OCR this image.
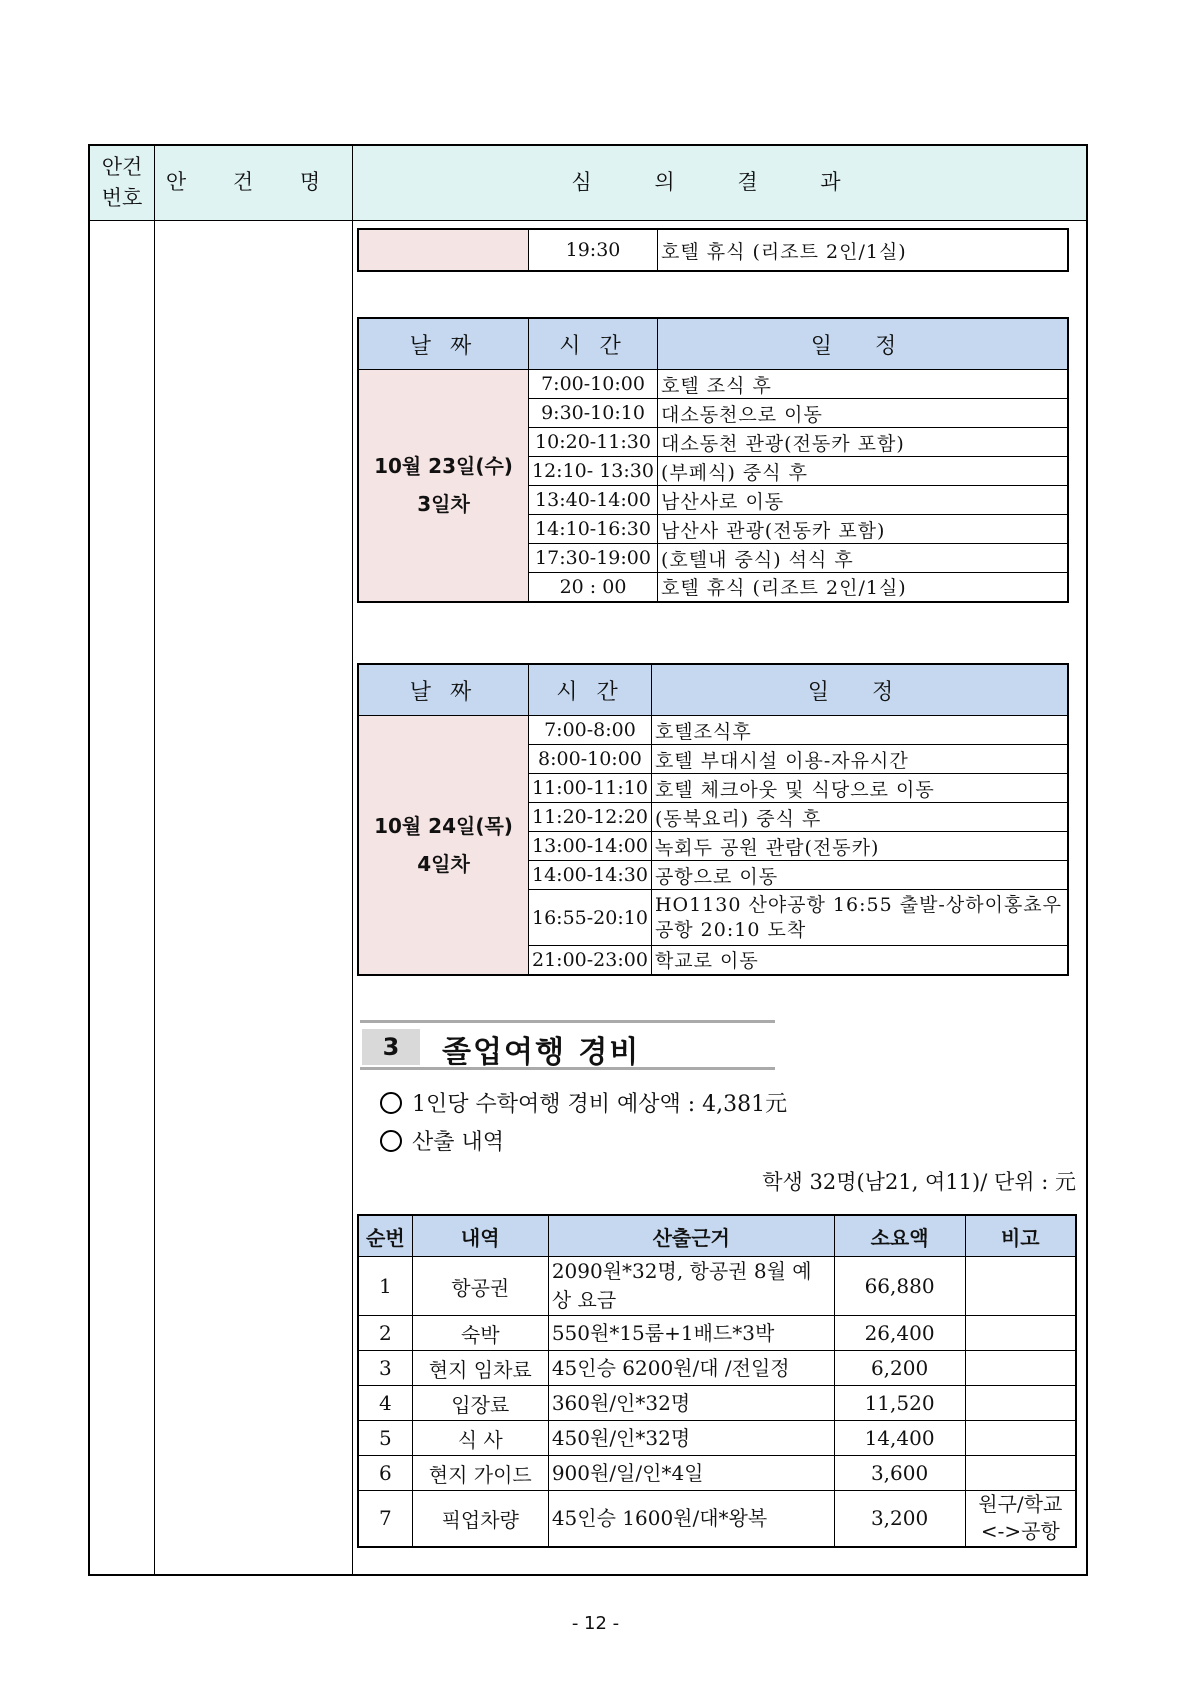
안건 번호
안 건 명	심 의 결 과
	19:30	호텔 휴식 (리조트 2인/1실)
날 짜	시 간	일 정

10월 23일(수)
3일차	7:00-10:00	호텔 조식 후
	9:30-10:10	대소동천으로 이동
	10:20-11:30	대소동천 관광(전동카 포함)
	12:10- 13:30	(부페식) 중식 후
	13:40-14:00	남산사로 이동
	14:10-16:30	남산사 관광(전동카 포함)
	17:30-19:00	(호텔내 중식) 석식 후
	20 : 00	호텔 휴식 (리조트 2인/1실)
날 짜	시 간	일 정

10월 24일(목)
4일차	7:00-8:00	호텔조식후
	8:00-10:00	호텔 부대시설 이용-자유시간
	11:00-11:10	호텔 체크아웃 및 식당으로 이동
	11:20-12:20	(동북요리) 중식 후
	13:00-14:00	녹회두 공원 관람(전동카)
	14:00-14:30	공항으로 이동
	16:55-20:10	HO1130 산야공항 16:55 출발-상하이홍쵸우공항 20:10 도착
	21:00-23:00	학교로 이동
3	졸업여행 경비
1인당 수학여행 경비 예상액 : 4,381元
산출 내역
학생 32명(남21, 여11)/ 단위 : 元
순번	내역	산출근거	소요액	비고
1	항공권	2090원*32명, 항공권 8월 예상 요금	66,880	
2	숙박	550원*15룸+1배드*3박	26,400	
3	현지 임차료	45인승 6200원/대 /전일정	6,200	
4	입장료	360원/인*32명	11,520	
5	식 사	450원/인*32명	14,400	
6	현지 가이드	900원/일/인*4일	3,600	
7	픽업차량	45인승 1600원/대*왕복	3,200	원구/학교<->공항
- 12 -
